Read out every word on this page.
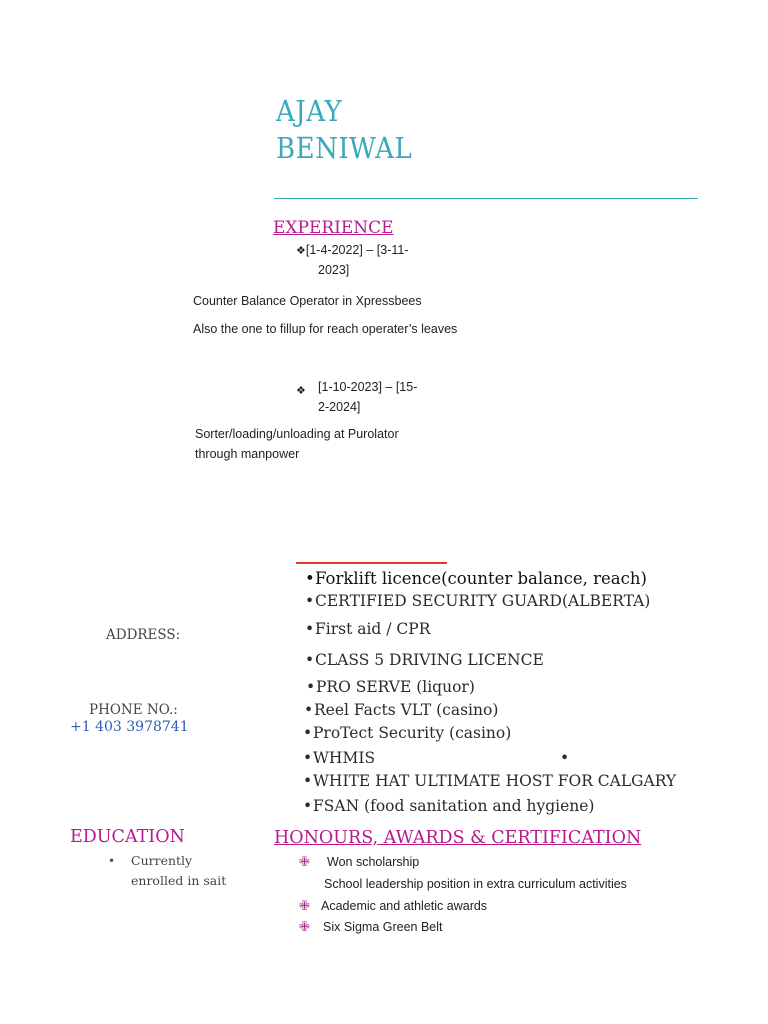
AJAY
BENIWAL
EXPERIENCE
❖[1-4-2022] – [3-11-
2023]
Counter Balance Operator in Xpressbees
Also the one to fillup for reach operater’s leaves
❖ [1-10-2023] – [15-
2-2024]
Sorter/loading/unloading at Purolator
through manpower
•Forklift licence(counter balance, reach)
•CERTIFIED SECURITY GUARD(ALBERTA)
•First aid / CPR
•CLASS 5 DRIVING LICENCE
•PRO SERVE (liquor)
•Reel Facts VLT (casino)
•ProTect Security (casino)
•WHMIS	•
•WHITE HAT ULTIMATE HOST FOR CALGARY
•FSAN (food sanitation and hygiene)
ADDRESS:
PHONE NO.:
+1 403 3978741
EDUCATION
• Currently
enrolled in sait
HONOURS, AWARDS & CERTIFICATION
✙ Won scholarship
School leadership position in extra curriculum activities
✙ Academic and athletic awards
✙ Six Sigma Green Belt
